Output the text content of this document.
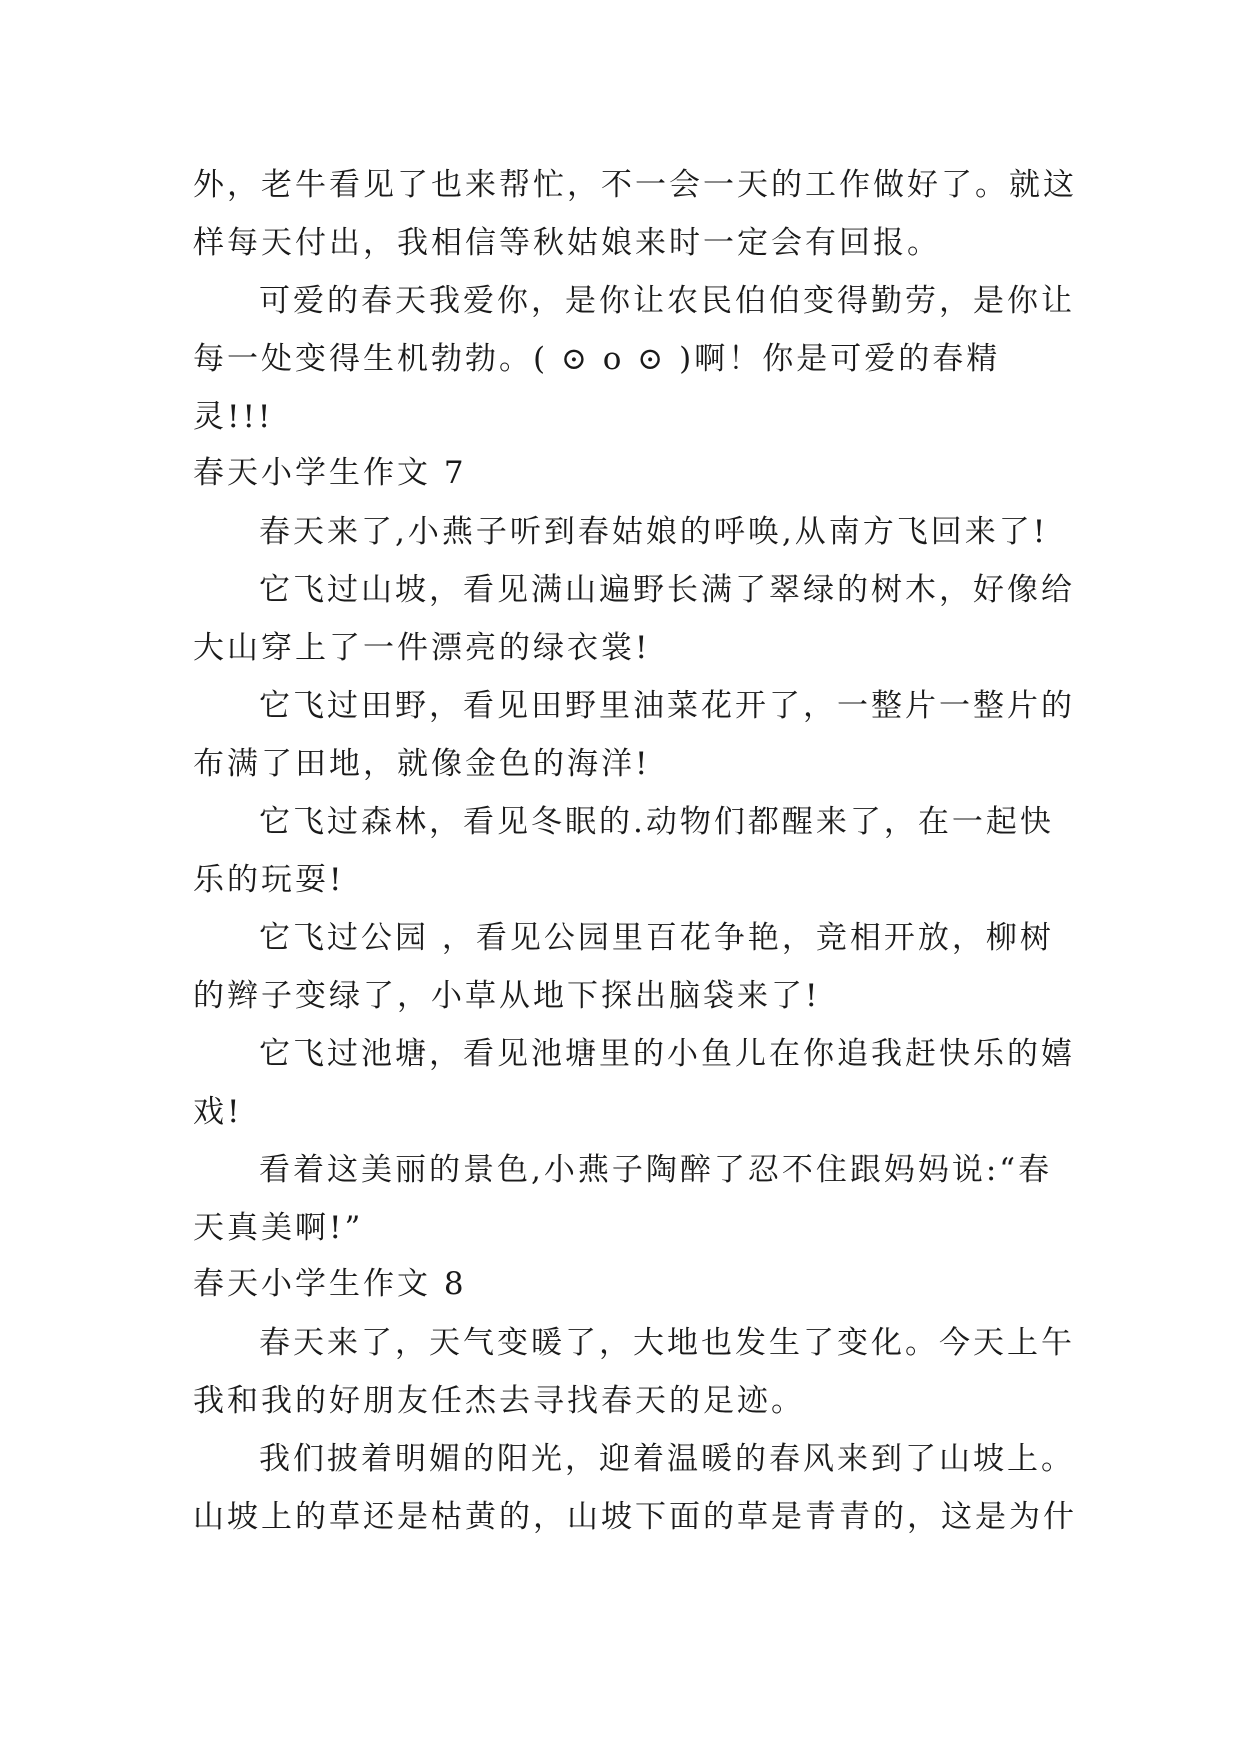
外，老牛看见了也来帮忙，不一会一天的工作做好了。就这
样每天付出，我相信等秋姑娘来时一定会有回报。
可爱的春天我爱你，是你让农民伯伯变得勤劳，是你让
每一处变得生机勃勃。( ⊙ o ⊙ )啊！你是可爱的春精
灵!!!
春天小学生作文 7
春天来了,小燕子听到春姑娘的呼唤,从南方飞回来了!
它飞过山坡，看见满山遍野长满了翠绿的树木，好像给
大山穿上了一件漂亮的绿衣裳!
它飞过田野，看见田野里油菜花开了，一整片一整片的
布满了田地，就像金色的海洋!
它飞过森林，看见冬眠的.动物们都醒来了，在一起快
乐的玩耍!
它飞过公园 ，看见公园里百花争艳，竞相开放，柳树
的辫子变绿了，小草从地下探出脑袋来了!
它飞过池塘，看见池塘里的小鱼儿在你追我赶快乐的嬉
戏!
看着这美丽的景色,小燕子陶醉了忍不住跟妈妈说:“春
天真美啊!”
春天小学生作文 8
春天来了，天气变暖了，大地也发生了变化。今天上午
我和我的好朋友任杰去寻找春天的足迹。
我们披着明媚的阳光，迎着温暖的春风来到了山坡上。
山坡上的草还是枯黄的，山坡下面的草是青青的，这是为什
